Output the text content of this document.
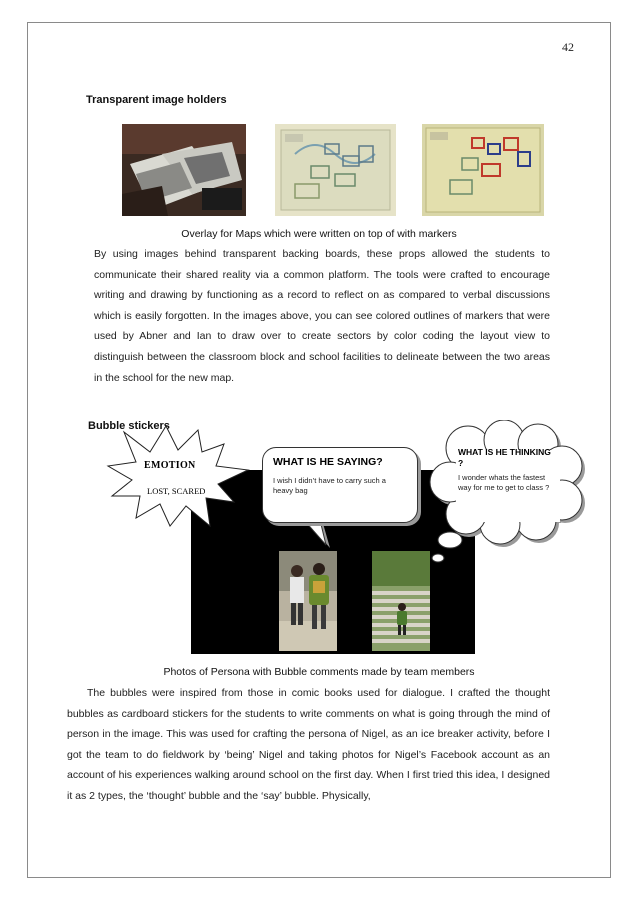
42
Transparent image holders
Overlay for Maps which were written on top of with markers
By using images behind transparent backing boards, these props allowed the students to communicate their shared reality via a common platform. The tools were crafted to encourage writing and drawing by functioning as a record to reflect on as compared to verbal discussions which is easily forgotten. In the images above, you can see colored outlines of markers that were used by Abner and Ian to draw over to create sectors by color coding the layout view to distinguish between the classroom block and school facilities to delineate between the two areas in the school for the new map.
Bubble stickers
EMOTION
LOST, SCARED
WHAT IS HE SAYING?
I wish I didn’t have to carry such a heavy bag
WHAT IS HE THINKING ?
I wonder whats the fastest way for me to get to class ?
Photos of Persona with Bubble comments made by team members
The bubbles were inspired from those in comic books used for dialogue. I crafted the thought bubbles as cardboard stickers for the students to write comments on what is going through the mind of person in the image. This was used for crafting the persona of Nigel, as an ice breaker activity, before I got the team to do fieldwork by ‘being’ Nigel and taking photos for Nigel’s Facebook account as an account of his experiences walking around school on the first day. When I first tried this idea, I designed it as 2 types, the ‘thought’ bubble and the ‘say’ bubble. Physically,
